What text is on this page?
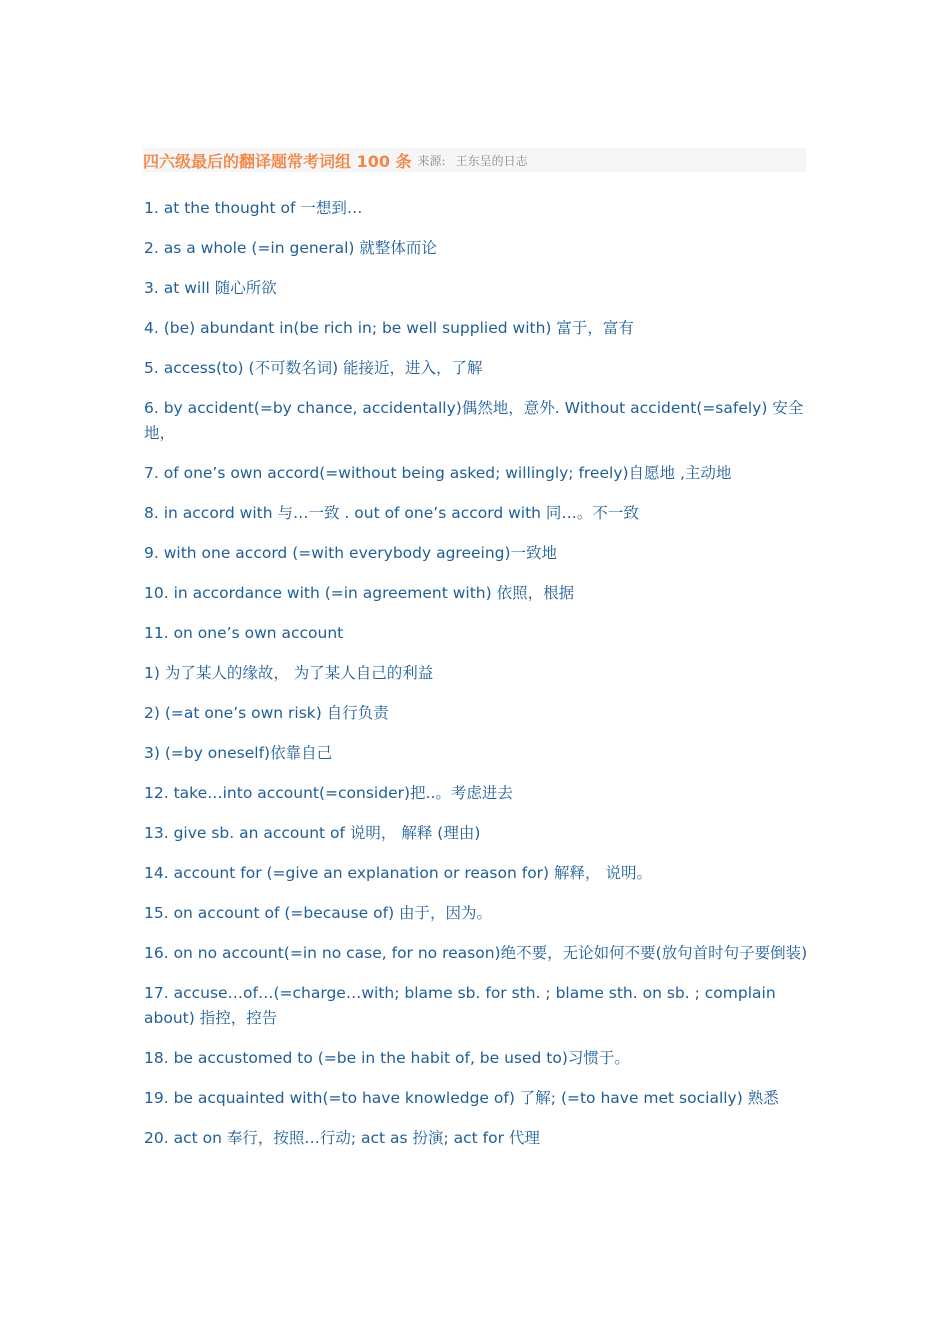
四六级最后的翻译题常考词组 100 条 来源: 王东呈的日志

1. at the thought of 一想到…

2. as a whole (=in general) 就整体而论

3. at will 随心所欲

4. (be) abundant in(be rich in; be well supplied with) 富于，富有

5. access(to) (不可数名词) 能接近，进入，了解

6. by accident(=by chance, accidentally)偶然地，意外. Without accident(=safely) 安全地，

7. of one’s own accord(=without being asked; willingly; freely)自愿地 ,主动地

8. in accord with 与…一致 . out of one’s accord with 同…。不一致

9. with one accord (=with everybody agreeing)一致地

10. in accordance with (=in agreement with) 依照，根据

11. on one’s own account

1) 为了某人的缘故， 为了某人自己的利益

2) (=at one’s own risk) 自行负责

3) (=by oneself)依靠自己

12. take…into account(=consider)把..。考虑进去

13. give sb. an account of 说明， 解释 (理由)

14. account for (=give an explanation or reason for) 解释， 说明。

15. on account of (=because of) 由于，因为。

16. on no account(=in no case, for no reason)绝不要，无论如何不要(放句首时句子要倒装)

17. accuse…of…(=charge…with; blame sb. for sth. ; blame sth. on sb. ; complain about) 指控，控告

18. be accustomed to (=be in the habit of, be used to)习惯于。

19. be acquainted with(=to have knowledge of) 了解; (=to have met socially) 熟悉

20. act on 奉行，按照…行动; act as 扮演; act for 代理
